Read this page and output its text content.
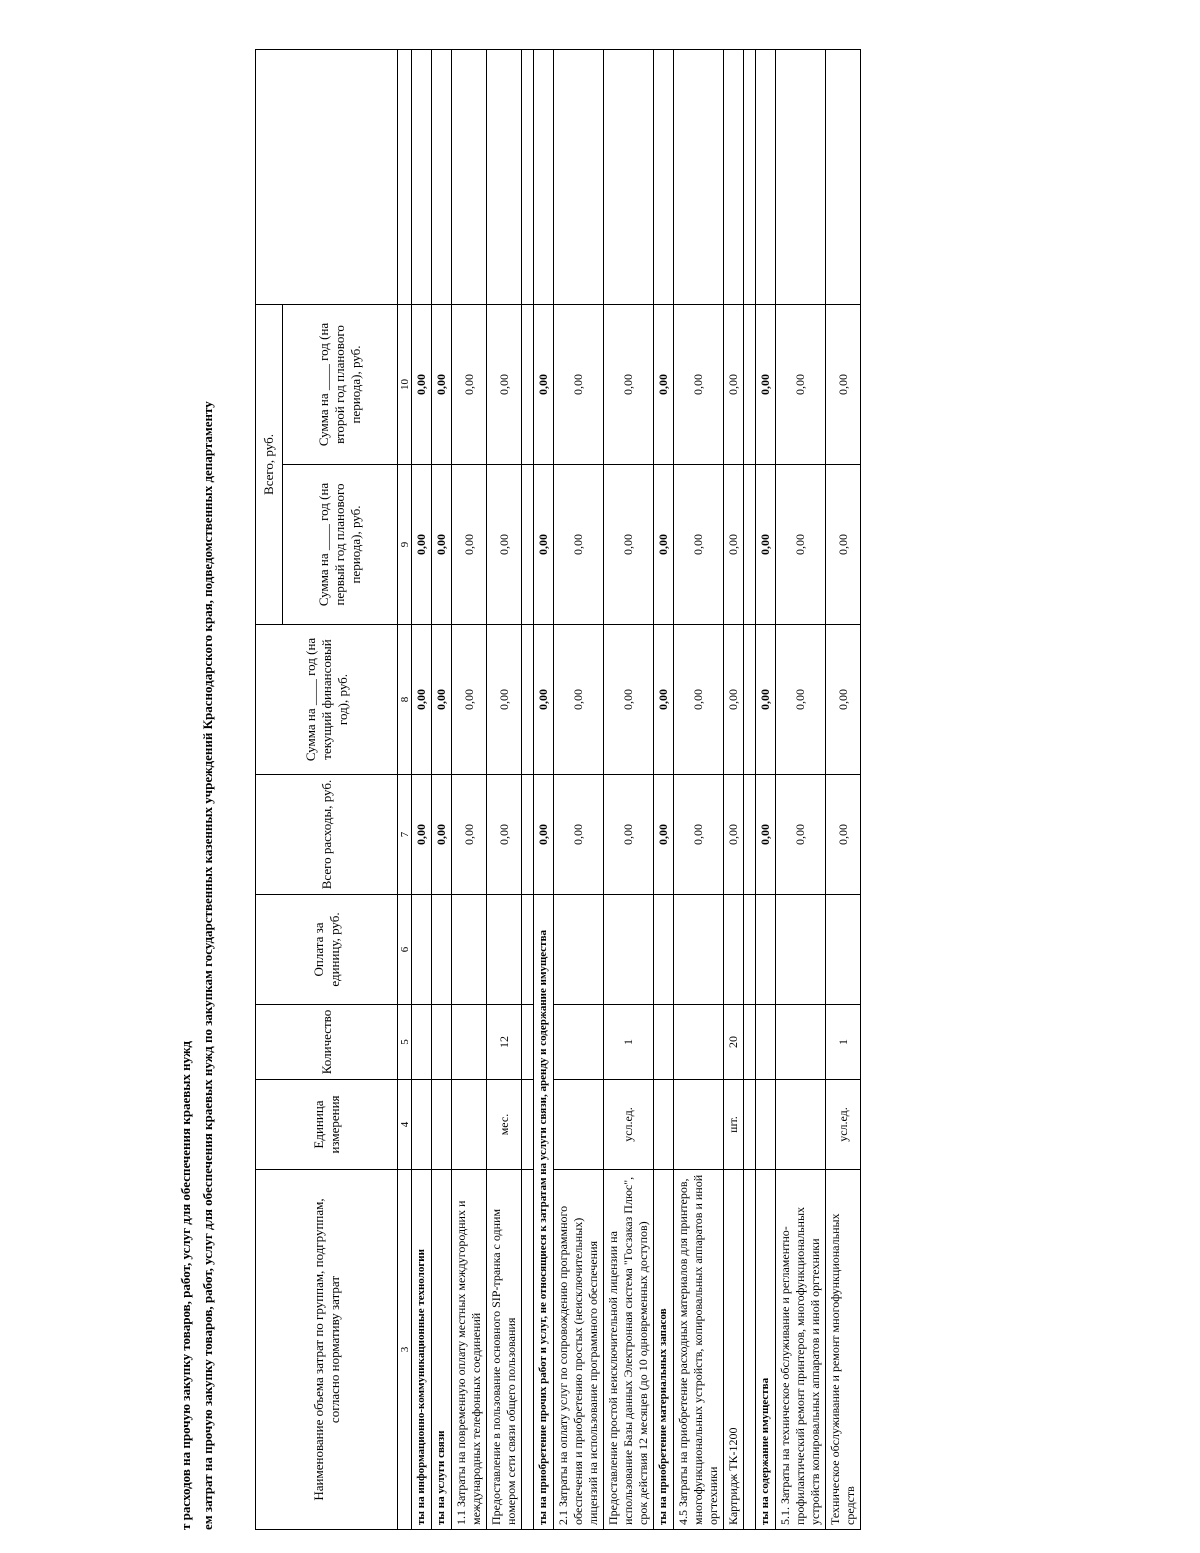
т расходов на прочую закупку товаров, работ, услуг для обеспечения краевых нужд ем затрат на прочую закупку товаров, работ, услуг для обеспечения краевых нужд по закупкам государственных казенных учреждений Краснодарского края, подведомственных департаменту	Наименование объема затрат по группам, подгруппам, согласно нормативу затрат	Единица измерения	Количество	Оплата за единицу, руб.	Всего расходы, руб.	Сумма на ____ год (на текущий финансовый год), руб.	Всего, руб.		
						Сумма на ____ год (на первый год планового периода), руб.	Сумма на ____ год (на второй год планового периода), руб.	
3	4	5	6	7	8	9	10	
ты на информационно-коммуникационные технологии				0,00	0,00	0,00	0,00	
ты на услуги связи				0,00	0,00	0,00	0,00	
1.1 Затраты на повременную оплату местных междугородних и международных телефонных соединений				0,00	0,00	0,00	0,00	
Предоставление в пользование основного SIP-транка с одним номером сети связи общего пользования	мес.	12		0,00	0,00	0,00	0,00	

ты на приобретение прочих работ и услуг, не относящиеся к затратам на услуги связи, аренду и содержание имущества				0,00	0,00	0,00	0,00	
2.1 Затраты на оплату услуг по сопровождению программного обеспечения и приобретению простых (неисключительных) лицензий на использование программного обеспечения				0,00	0,00	0,00	0,00	
Предоставление простой неисключительной лицензии на использование Базы данных Электронная система "Госзаказ Плюс", срок действия 12 месяцев (до 10 одновременных доступов)	усл.ед.	1		0,00	0,00	0,00	0,00	
ты на приобретение материальных запасов				0,00	0,00	0,00	0,00	
4.5 Затраты на приобретение расходных материалов для принтеров, многофункциональных устройств, копировальных аппаратов и иной оргтехники				0,00	0,00	0,00	0,00	
Картридж ТК-1200	шт.	20		0,00	0,00	0,00	0,00	

ты на содержание имущества				0,00	0,00	0,00	0,00	
5.1. Затраты на техническое обслуживание и регламентно-профилактический ремонт принтеров, многофункциональных устройств копировальных аппаратов и иной оргтехники				0,00	0,00	0,00	0,00	
Техническое обслуживание и ремонт многофункциональных средств	усл.ед.	1		0,00	0,00	0,00	0,00	
